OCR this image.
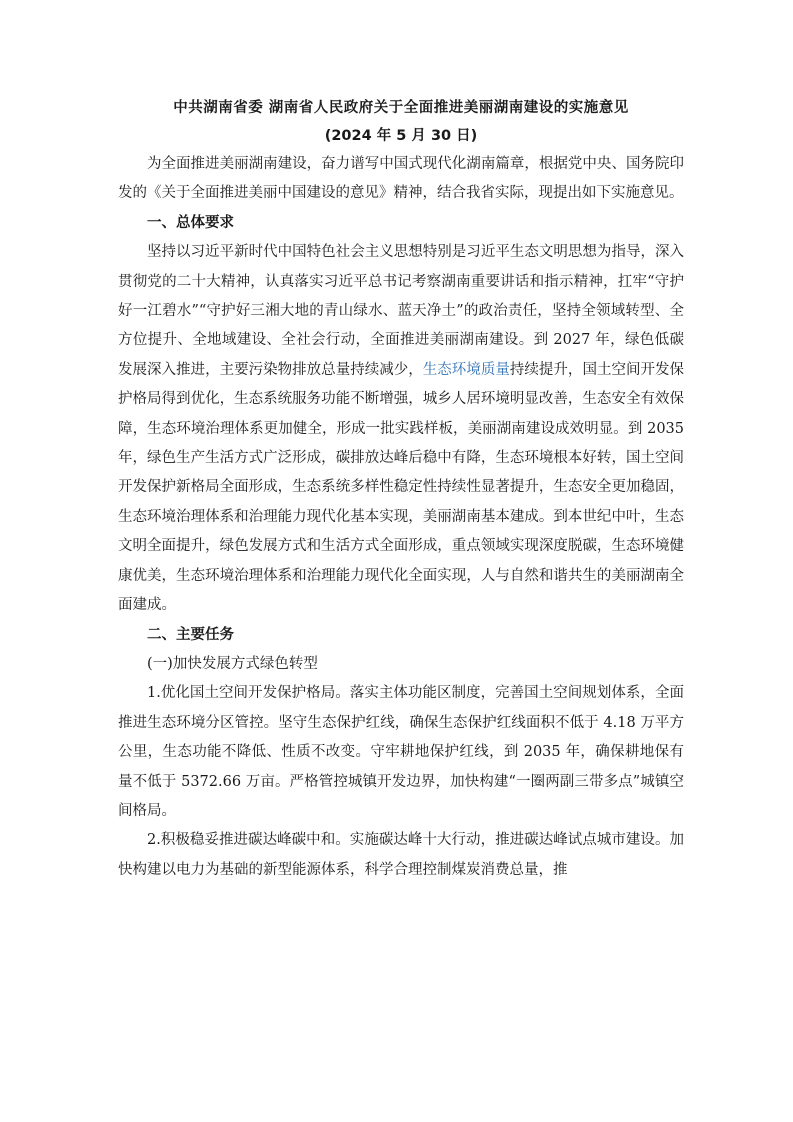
中共湖南省委 湖南省人民政府关于全面推进美丽湖南建设的实施意见
(2024 年 5 月 30 日)

为全面推进美丽湖南建设，奋力谱写中国式现代化湖南篇章，根据党中央、国务院印发的《关于全面推进美丽中国建设的意见》精神，结合我省实际，现提出如下实施意见。

一、总体要求

坚持以习近平新时代中国特色社会主义思想特别是习近平生态文明思想为指导，深入贯彻党的二十大精神，认真落实习近平总书记考察湖南重要讲话和指示精神，扛牢“守护好一江碧水”“守护好三湘大地的青山绿水、蓝天净土”的政治责任，坚持全领域转型、全方位提升、全地域建设、全社会行动，全面推进美丽湖南建设。到 2027 年，绿色低碳发展深入推进，主要污染物排放总量持续减少，生态环境质量持续提升，国土空间开发保护格局得到优化，生态系统服务功能不断增强，城乡人居环境明显改善，生态安全有效保障，生态环境治理体系更加健全，形成一批实践样板，美丽湖南建设成效明显。到 2035 年，绿色生产生活方式广泛形成，碳排放达峰后稳中有降，生态环境根本好转，国土空间开发保护新格局全面形成，生态系统多样性稳定性持续性显著提升，生态安全更加稳固，生态环境治理体系和治理能力现代化基本实现，美丽湖南基本建成。到本世纪中叶，生态文明全面提升，绿色发展方式和生活方式全面形成，重点领域实现深度脱碳，生态环境健康优美，生态环境治理体系和治理能力现代化全面实现，人与自然和谐共生的美丽湖南全面建成。

二、主要任务

(一)加快发展方式绿色转型

1.优化国土空间开发保护格局。落实主体功能区制度，完善国土空间规划体系，全面推进生态环境分区管控。坚守生态保护红线，确保生态保护红线面积不低于 4.18 万平方公里，生态功能不降低、性质不改变。守牢耕地保护红线，到 2035 年，确保耕地保有量不低于 5372.66 万亩。严格管控城镇开发边界，加快构建“一圈两副三带多点”城镇空间格局。

2.积极稳妥推进碳达峰碳中和。实施碳达峰十大行动，推进碳达峰试点城市建设。加快构建以电力为基础的新型能源体系，科学合理控制煤炭消费总量，推
